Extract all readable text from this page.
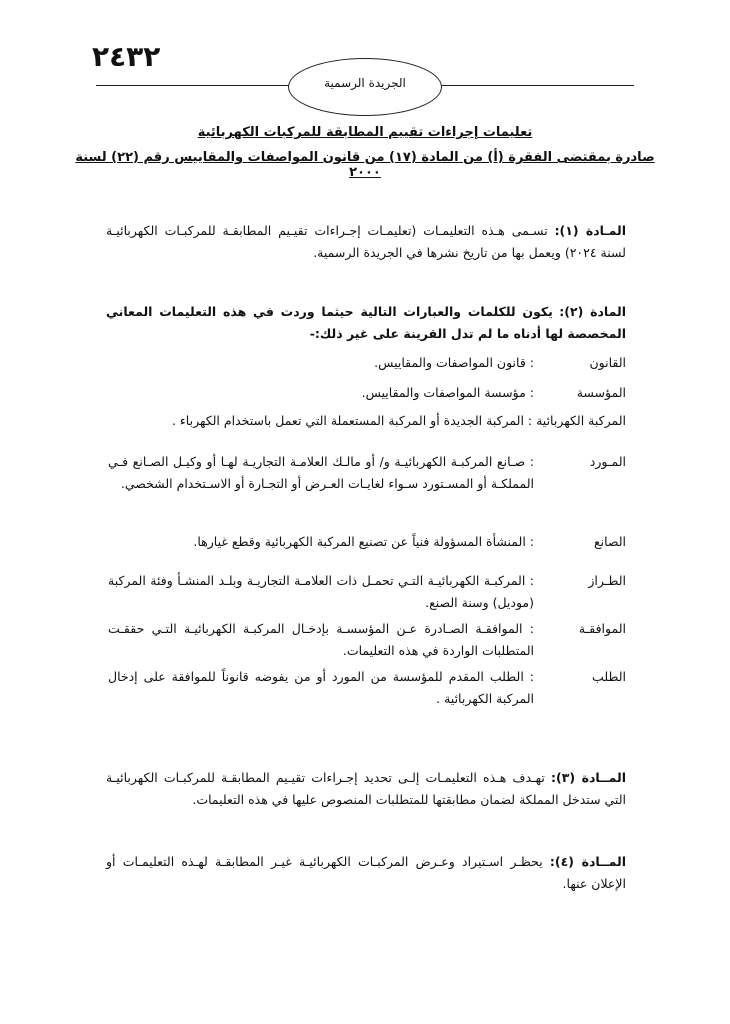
٢٤٣٢
الجريدة الرسمية
تعليمات إجراءات تقييم المطابقة للمركبات الكهربائية
صادرة بمقتضى الفقرة (أ) من المادة (١٧) من قانون المواصفات والمقاييس رقم (٢٢) لسنة ٢٠٠٠
المـادة (١): تسـمى هـذه التعليمـات (تعليمـات إجـراءات تقيـيم المطابقـة للمركبـات الكهربائيـة لسنة ٢٠٢٤) ويعمل بها من تاريخ نشرها في الجريدة الرسمية.
المادة (٢): يكون للكلمات والعبارات التالية حيثما وردت في هذه التعليمات المعاني المخصصة لها أدناه ما لم تدل القرينة على غير ذلك:-
القانون
: قانون المواصفات والمقاييس.
المؤسسة
: مؤسسة المواصفات والمقاييس.
المركبة الكهربائية : المركبة الجديدة أو المركبة المستعملة التي تعمل باستخدام الكهرباء .
المـورد
: صـانع المركبـة الكهربائيـة و/ أو مالـك العلامـة التجاريـة لهـا أو وكيـل الصـانع فـي المملكـة أو المسـتورد سـواء لغايـات العـرض أو التجـارة أو الاسـتخدام الشخصي.
الصانع
: المنشأة المسؤولة فنياً عن تصنيع المركبة الكهربائية وقطع غيارها.
الطـراز
: المركبـة الكهربائيـة التـي تحمـل ذات العلامـة التجاريـة وبلـد المنشـأ وفئة المركبة (موديل) وسنة الصنع.
الموافقـة
: الموافقـة الصـادرة عـن المؤسسـة بإدخـال المركبـة الكهربائيـة التـي حققـت المتطلبات الواردة في هذه التعليمات.
الطلب
: الطلب المقدم للمؤسسة من المورد أو من يفوضه قانوناً للموافقة على إدخال المركبة الكهربائية .
المــادة (٣): تهـدف هـذه التعليمـات إلـى تحديد إجـراءات تقيـيم المطابقـة للمركبـات الكهربائيـة التي ستدخل المملكة لضمان مطابقتها للمتطلبات المنصوص عليها في هذه التعليمات.
المــادة (٤): يحظـر اسـتيراد وعـرض المركبـات الكهربائيـة غيـر المطابقـة لهـذه التعليمـات أو الإعلان عنها.
